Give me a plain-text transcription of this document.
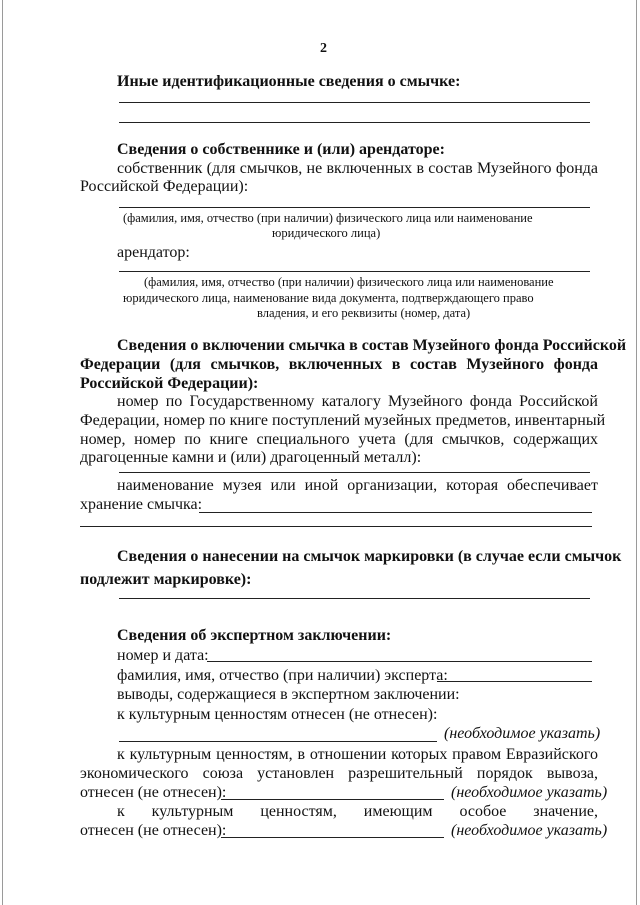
2
Иные идентификационные сведения о смычке:
Сведения о собственнике и (или) арендаторе:
собственник (для смычков, не включенных в состав Музейного фонда
Российской Федерации):
(фамилия, имя, отчество (при наличии) физического лица или наименование
юридического лица)
арендатор:
(фамилия, имя, отчество (при наличии) физического лица или наименование
юридического лица, наименование вида документа, подтверждающего право
владения, и его реквизиты (номер, дата)
Сведения о включении смычка в состав Музейного фонда Российской
Федерации (для смычков, включенных в состав Музейного фонда
Российской Федерации):
номер по Государственному каталогу Музейного фонда Российской
Федерации, номер по книге поступлений музейных предметов, инвентарный
номер, номер по книге специального учета (для смычков, содержащих
драгоценные камни и (или) драгоценный металл):
наименование музея или иной организации, которая обеспечивает
хранение смычка:
Сведения о нанесении на смычок маркировки (в случае если смычок
подлежит маркировке):
Сведения об экспертном заключении:
номер и дата:
фамилия, имя, отчество (при наличии) эксперта:
выводы, содержащиеся в экспертном заключении:
к культурным ценностям отнесен (не отнесен):
(необходимое указать)
к культурным ценностям, в отношении которых правом Евразийского
экономического союза установлен разрешительный порядок вывоза,
отнесен (не отнесен):	(необходимое указать)
к культурным ценностям, имеющим особое значение,
отнесен (не отнесен):	(необходимое указать)
